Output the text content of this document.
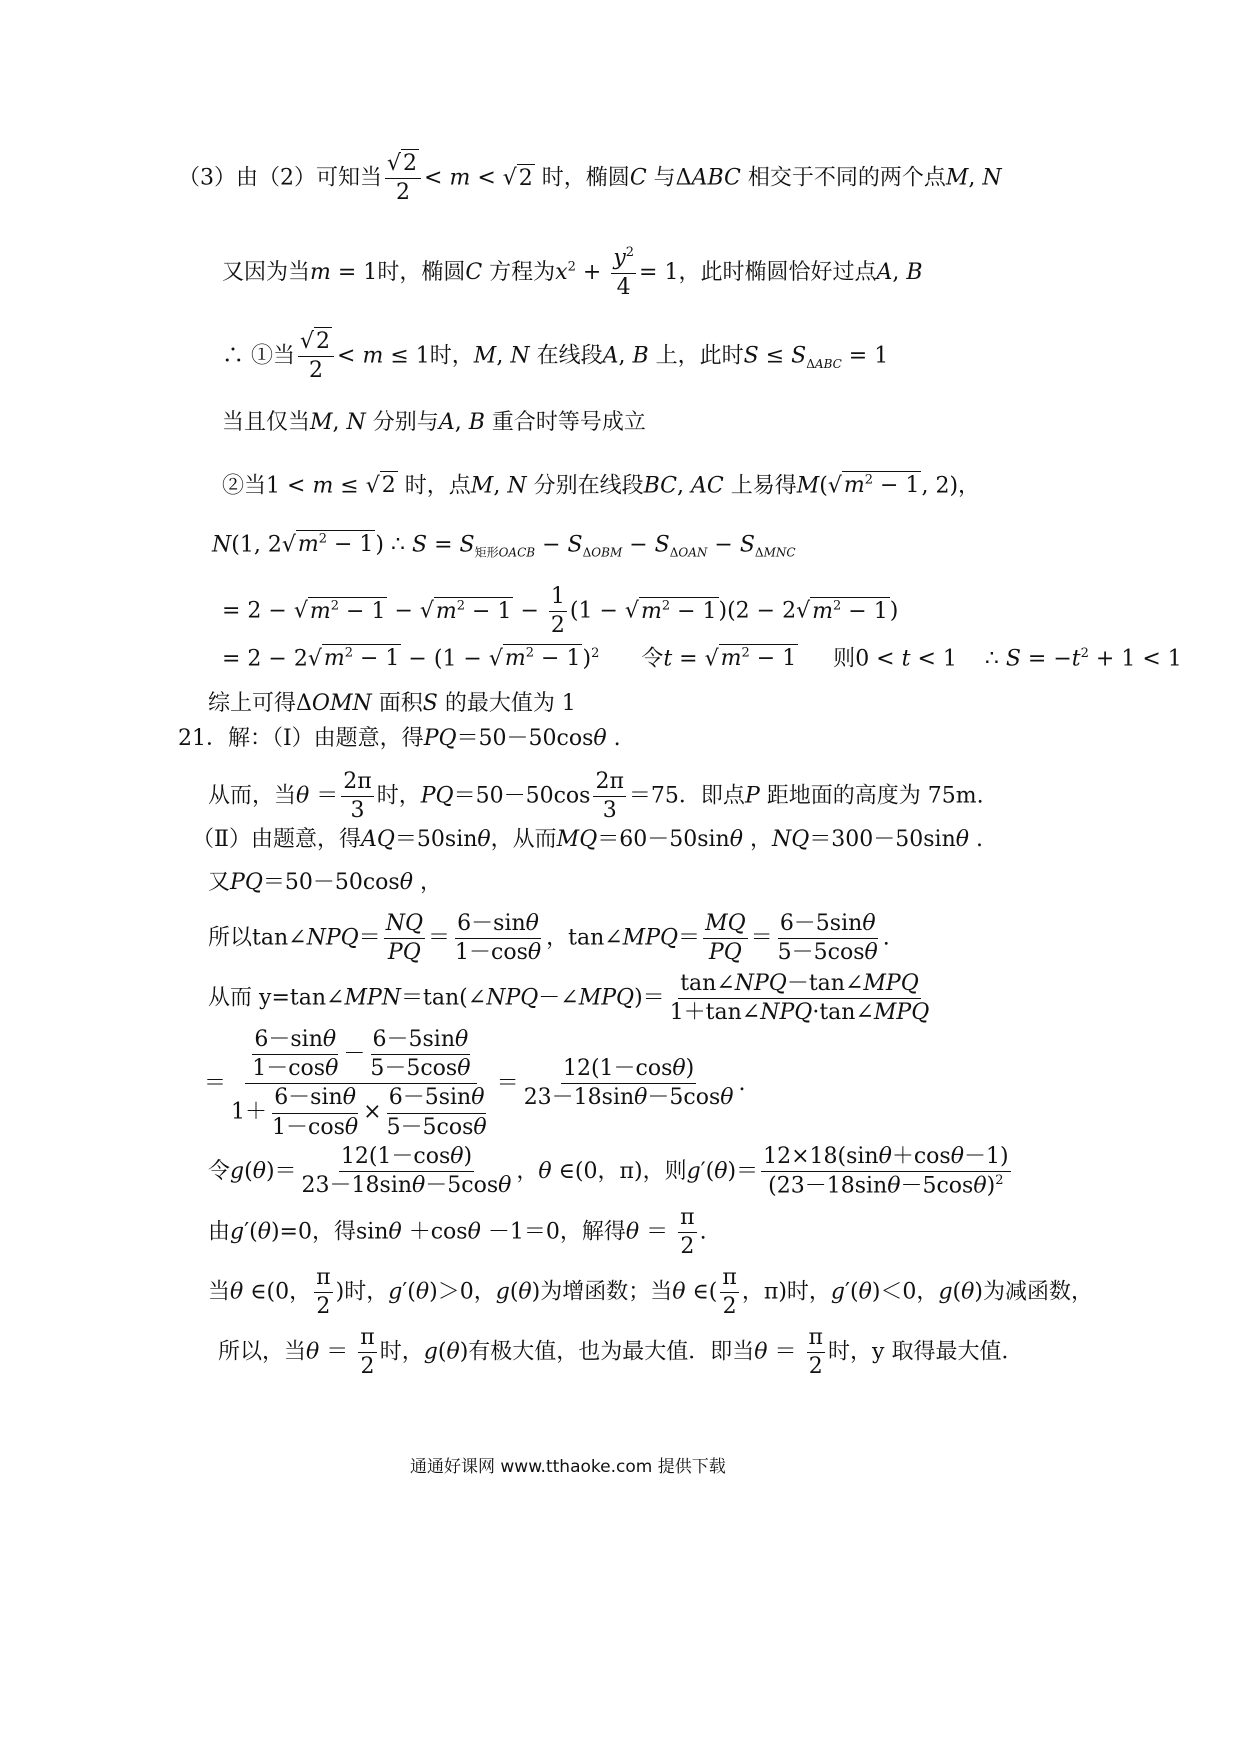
（3）由（2）可知当 $\frac{√2}{2} < m < √2$ 时，椭圆C 与ΔABC 相交于不同的两个点M, N
又因为当m = 1时，椭圆C 方程为$x^2 + \frac{y^2}{4} = 1$，此时椭圆恰好过点A, B
∴ ①当 $\frac{√2}{2} < m \le 1$时，M, N 在线段A, B 上，此时$S \le S_{\Delta ABC} = 1$
当且仅当M, N 分别与A, B 重合时等号成立
②当1 < m ≤ √2 时，点M, N 分别在线段BC, AC 上易得$M(√m^2 - 1$, 2)，
N(1, $2√m^2 - 1$) ∴ $S = S_{矩形OACB} - S_{\Delta OBM} - S_{\Delta OAN} - S_{\Delta MNC}$
= $2 - √m^2 - 1 - √m^2 - 1 - \frac{1}{2} (1 - √m^2 - 1)(2 - 2√m^2 - 1)$
= $2 - 2√m^2 - 1 - (1 - √m^2 - 1)^2$ 令$t = √m^2 - 1$ 则0 < t < 1    ∴ $S = -t^2 + 1 < 1$
综上可得ΔOMN 面积S 的最大值为 1
21．解：（Ⅰ）由题意，得PQ＝50－50cosθ .
从而，当$\theta = \frac{2\pi}{3}$ 时，$PQ=50-50\cos \frac{2\pi}{3} =75$．即点P 距地面的高度为 75m.
（Ⅱ）由题意，得AQ＝50sinθ，从而MQ＝60－50sinθ ，NQ＝300－50sinθ .
又PQ＝50－50cosθ ，
所以tan∠NPQ＝ $\frac{NQ}{PQ} = \frac{6-\sin\theta}{1-\cos\theta}$ ，tan∠MPQ＝ $\frac{MQ}{PQ} = \frac{6-5\sin\theta}{5-5\cos\theta}$ .
从而 y=tan∠MPN＝tan(∠NPQ－∠MPQ)＝ $\frac{\text{tan∠NPQ－tan∠MPQ}}{\text{1＋tan∠NPQ·tan∠MPQ}}$
＝ $\frac{\frac{6-\sin\theta}{1-\cos\theta} - \frac{6-5\sin\theta}{5-5\cos\theta}}{1+ \frac{6-\sin\theta}{1-\cos\theta} \times \frac{6-5\sin\theta}{5-5\cos\theta}} = \frac{12(1-\cos\theta)}{23-18\sin\theta-5\cos\theta}$ .
令$g(\theta)= \frac{12(1-\cos\theta)}{23-18\sin\theta-5\cos\theta}$ ，θ ∈(0，π)，则$g'(\theta)= \frac{12\times 18(\sin\theta+\cos\theta-1)}{(23-18\sin\theta-5\cos\theta)^2}$
由g′(θ)=0，得sinθ ＋cosθ －1＝0，解得$\theta = \frac{\pi}{2}$ .
当θ ∈(0， $\frac{\pi}{2}$ )时，g′(θ)＞0，g(θ)为增函数；当θ ∈( $\frac{\pi}{2}$ ，π)时，g′(θ)＜0，g(θ)为减函数，
所以，当$\theta = \frac{\pi}{2}$ 时，g(θ)有极大值，也为最大值．即当$\theta = \frac{\pi}{2}$ 时，y 取得最大值．
通通好课网 www.tthaoke.com 提供下载
